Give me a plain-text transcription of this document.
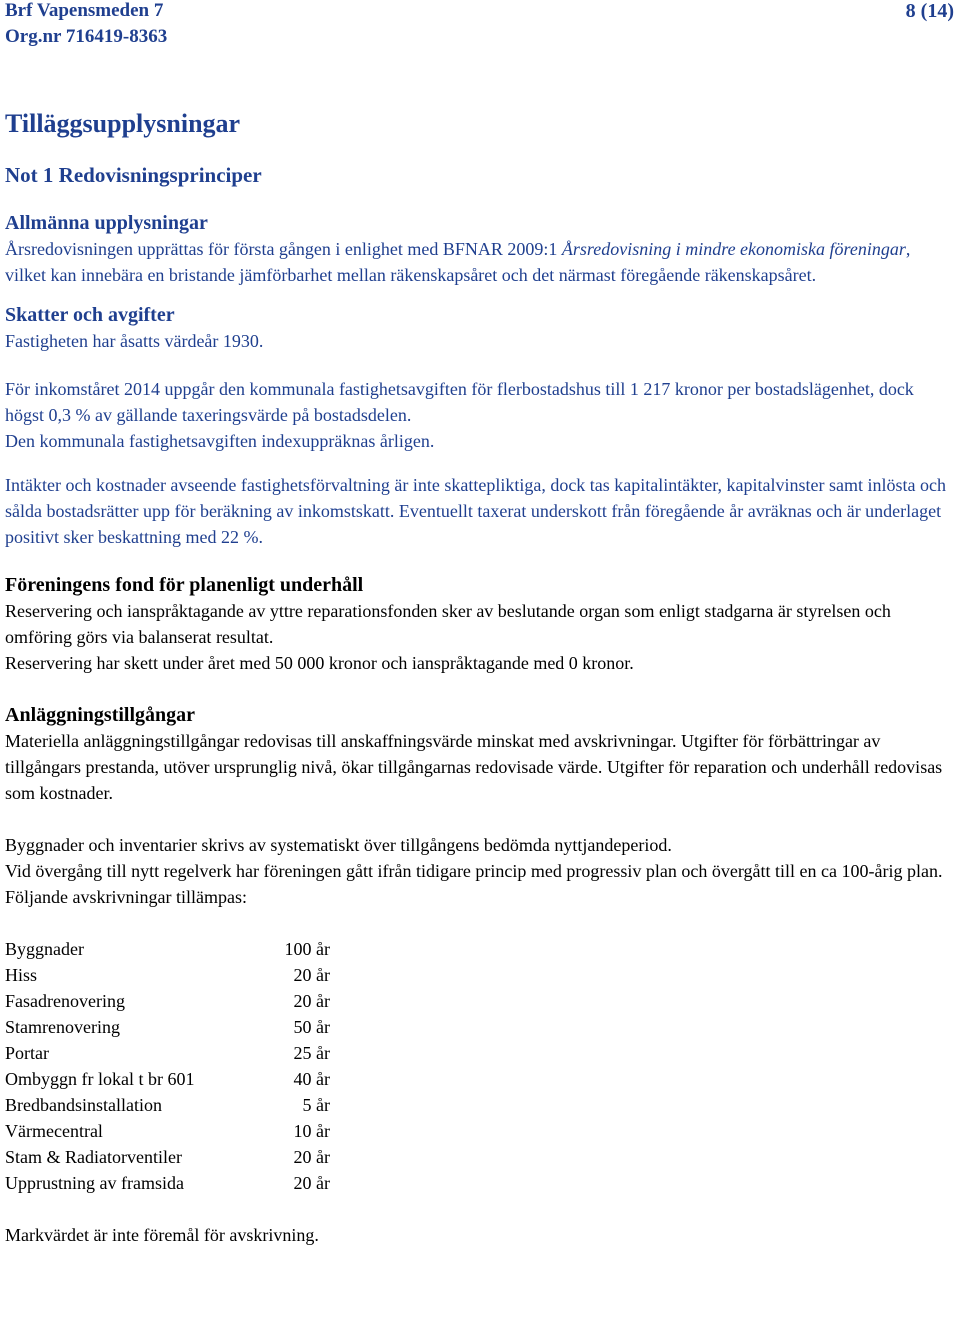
Brf Vapensmeden 7
Org.nr 716419-8363
8 (14)
Tilläggsupplysningar
Not 1 Redovisningsprinciper
Allmänna upplysningar
Årsredovisningen upprättas för första gången i enlighet med BFNAR 2009:1 Årsredovisning i mindre ekonomiska föreningar, vilket kan innebära en bristande jämförbarhet mellan räkenskapsåret och det närmast föregående räkenskapsåret.
Skatter och avgifter
Fastigheten har åsatts värdeår 1930.
För inkomståret 2014 uppgår den kommunala fastighetsavgiften för flerbostadshus till 1 217 kronor per bostadslägenhet, dock högst 0,3 % av gällande taxeringsvärde på bostadsdelen.
Den kommunala fastighetsavgiften indexuppräknas årligen.
Intäkter och kostnader avseende fastighetsförvaltning är inte skattepliktiga, dock tas kapitalintäkter, kapitalvinster samt inlösta och sålda bostadsrätter upp för beräkning av inkomstskatt. Eventuellt taxerat underskott från föregående år avräknas och är underlaget positivt sker beskattning med 22 %.
Föreningens fond för planenligt underhåll
Reservering och ianspråktagande av yttre reparationsfonden sker av beslutande organ som enligt stadgarna är styrelsen och omföring görs via balanserat resultat.
Reservering har skett under året med 50 000 kronor och ianspråktagande med 0 kronor.
Anläggningstillgångar
Materiella anläggningstillgångar redovisas till anskaffningsvärde minskat med avskrivningar. Utgifter för förbättringar av tillgångars prestanda, utöver ursprunglig nivå, ökar tillgångarnas redovisade värde. Utgifter för reparation och underhåll redovisas som kostnader.
Byggnader och inventarier skrivs av systematiskt över tillgångens bedömda nyttjandeperiod.
Vid övergång till nytt regelverk har föreningen gått ifrån tidigare princip med progressiv plan och övergått till en ca 100-årig plan. Följande avskrivningar tillämpas:
Byggnader	100 år
Hiss	20 år
Fasadrenovering	20 år
Stamrenovering	50 år
Portar	25 år
Ombyggn fr lokal t br 601	40 år
Bredbandsinstallation	5 år
Värmecentral	10 år
Stam & Radiatorventiler	20 år
Upprustning av framsida	20 år
Markvärdet är inte föremål för avskrivning.
